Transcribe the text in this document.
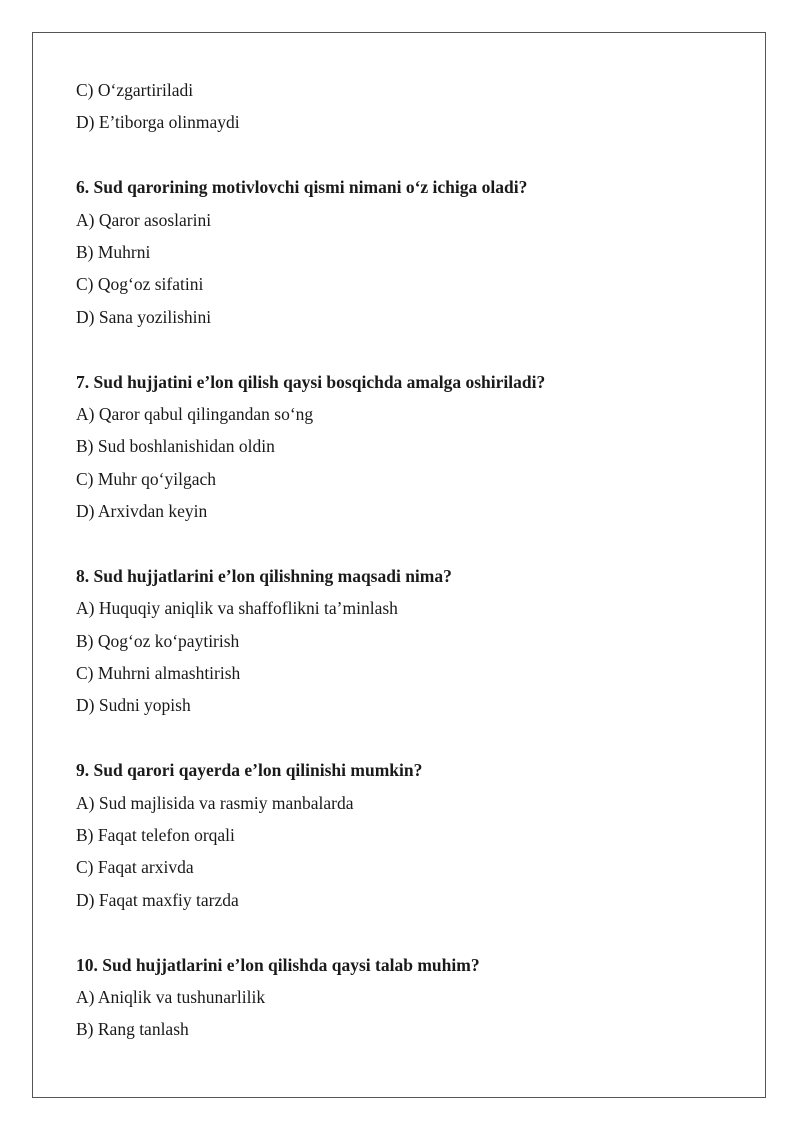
C) O‘zgartiriladi
D) E’tiborga olinmaydi
6. Sud qarorining motivlovchi qismi nimani o‘z ichiga oladi?
A) Qaror asoslarini
B) Muhrni
C) Qog‘oz sifatini
D) Sana yozilishini
7. Sud hujjatini e’lon qilish qaysi bosqichda amalga oshiriladi?
A) Qaror qabul qilingandan so‘ng
B) Sud boshlanishidan oldin
C) Muhr qo‘yilgach
D) Arxivdan keyin
8. Sud hujjatlarini e’lon qilishning maqsadi nima?
A) Huquqiy aniqlik va shaffoflikni ta’minlash
B) Qog‘oz ko‘paytirish
C) Muhrni almashtirish
D) Sudni yopish
9. Sud qarori qayerda e’lon qilinishi mumkin?
A) Sud majlisida va rasmiy manbalarda
B) Faqat telefon orqali
C) Faqat arxivda
D) Faqat maxfiy tarzda
10. Sud hujjatlarini e’lon qilishda qaysi talab muhim?
A) Aniqlik va tushunarlilik
B) Rang tanlash
